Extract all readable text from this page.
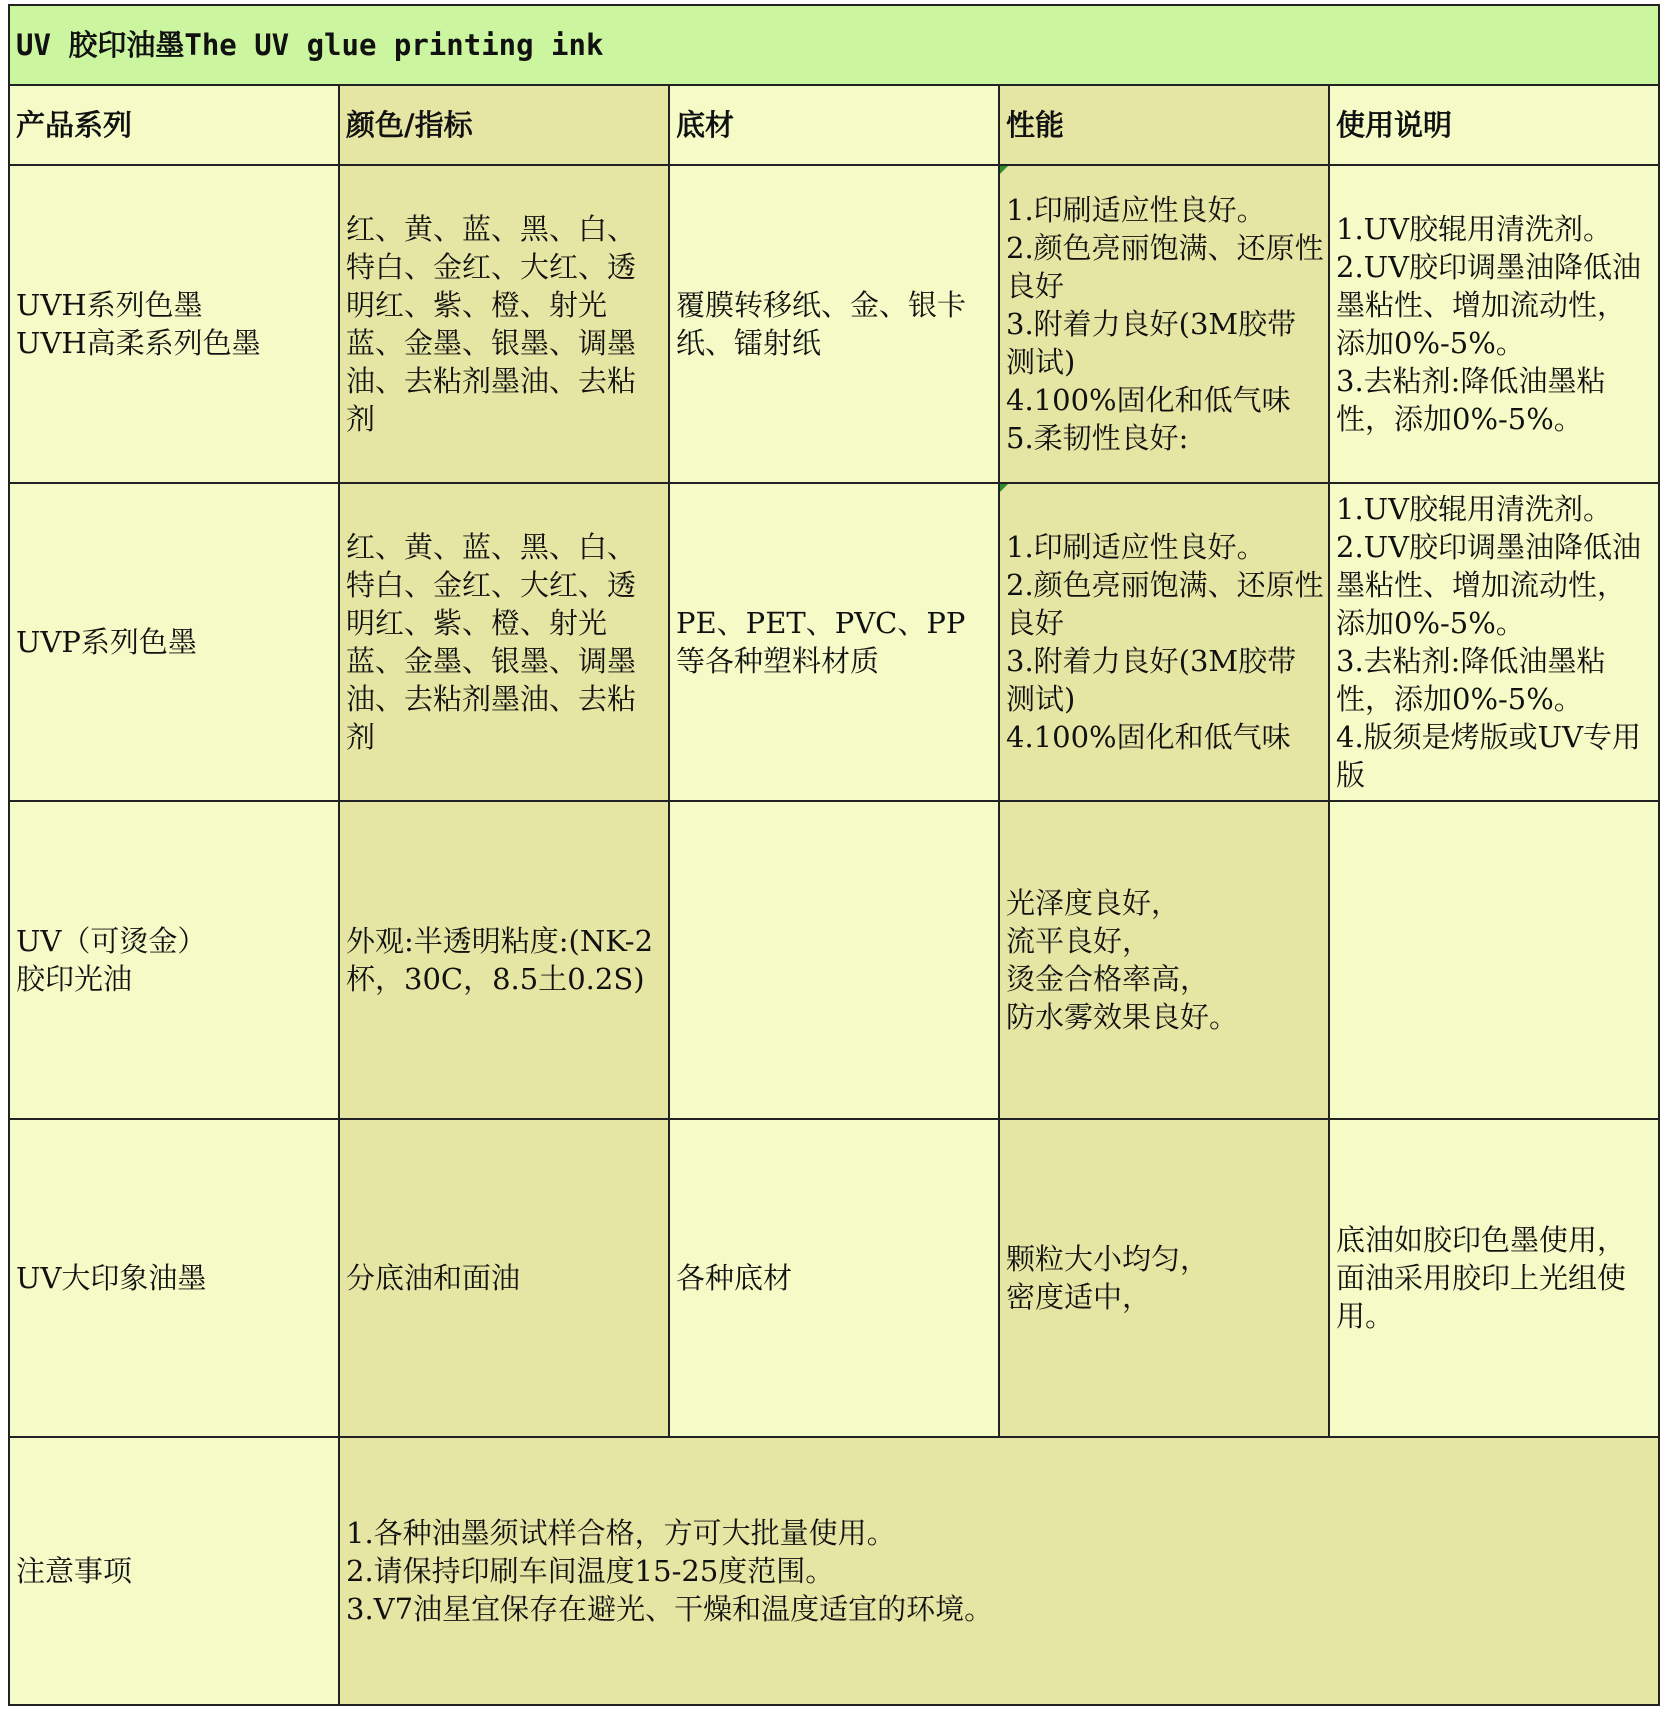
UV 胶印油墨The UV glue printing ink				
产品系列	颜色/指标	底材	性能	使用说明

UVH系列色墨
UVH高柔系列色墨	红、黄、蓝、黑、白、特白、金红、大红、透明红、紫、橙、射光蓝、金墨、银墨、调墨油、去粘剂墨油、去粘剂	覆膜转移纸、金、银卡纸、镭射纸	1.印刷适应性良好。
2.颜色亮丽饱满、还原性良好
3.附着力良好(3M胶带测试)
4.100%固化和低气味
5.柔韧性良好:	1.UV胶辊用清洗剂。
2.UV胶印调墨油降低油墨粘性、增加流动性，添加0%-5%。
3.去粘剂:降低油墨粘性，添加0%-5%。

UVP系列色墨	红、黄、蓝、黑、白、特白、金红、大红、透明红、紫、橙、射光蓝、金墨、银墨、调墨油、去粘剂墨油、去粘剂	PE、PET、PVC、PP等各种塑料材质	1.印刷适应性良好。
2.颜色亮丽饱满、还原性良好
3.附着力良好(3M胶带测试)
4.100%固化和低气味	1.UV胶辊用清洗剂。
2.UV胶印调墨油降低油墨粘性、增加流动性，添加0%-5%。
3.去粘剂:降低油墨粘性，添加0%-5%。
4.版须是烤版或UV专用版

UV（可烫金）
胶印光油	外观:半透明粘度:(NK-2杯，30C，8.5土0.2S)		光泽度良好，
流平良好，
烫金合格率高，
防水雾效果良好。	

UV大印象油墨	分底油和面油	各种底材	颗粒大小均匀，
密度适中，	底油如胶印色墨使用，面油采用胶印上光组使用。

注意事项	1.各种油墨须试样合格，方可大批量使用。
2.请保持印刷车间温度15-25度范围。
3.V7油星宜保存在避光、干燥和温度适宜的环境。			
